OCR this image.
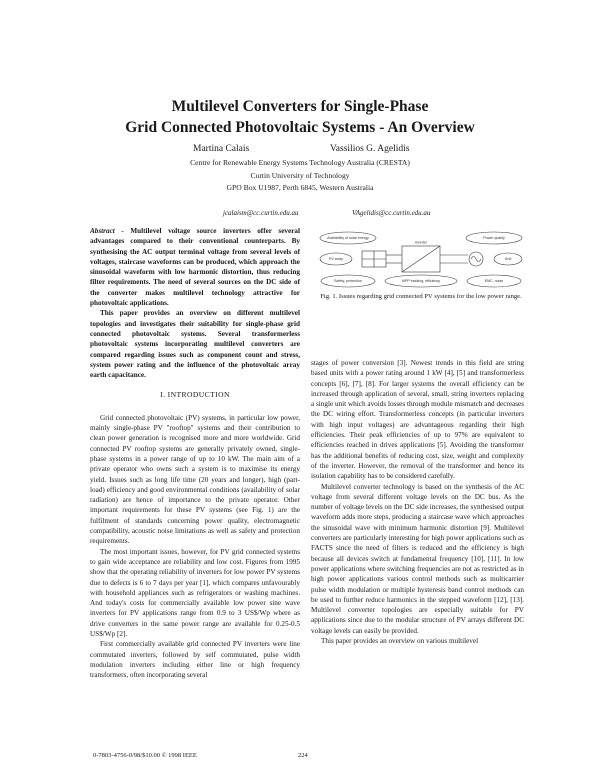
Multilevel Converters for Single-Phase
Grid Connected Photovoltaic Systems - An Overview
Martina Calais	Vassilios G. Agelidis
Centre for Renewable Energy Systems Technology Australia (CRESTA)
Curtin University of Technology
GPO Box U1987, Perth 6845, Western Australia
jcalaism@cc.curtin.edu.au	VAgelidis@cc.curtin.edu.au

Abstract - Multilevel voltage source inverters offer several advantages compared to their conventional counterparts. By synthesising the AC output terminal voltage from several levels of voltages, staircase waveforms can be produced, which approach the sinusoidal waveform with low harmonic distortion, thus reducing filter requirements. The need of several sources on the DC side of the converter makes multilevel technology attractive for photovoltaic applications.

This paper provides an overview on different multilevel topologies and investigates their suitability for single-phase grid connected photovoltaic systems. Several transformerless photovoltaic systems incorporating multilevel converters are compared regarding issues such as component count and stress, system power rating and the influence of the photovoltaic array earth capacitance.

I. INTRODUCTION

Grid connected photovoltaic (PV) systems, in particular low power, mainly single-phase PV "rooftop" systems and their contribution to clean power generation is recognised more and more worldwide. Grid connected PV rooftop systems are generally privately owned, single-phase systems in a power range of up to 10 kW. The main aim of a private operator who owns such a system is to maximise its energy yield. Issues such as long life time (20 years and longer), high (part-load) efficiency and good environmental conditions (availability of solar radiation) are hence of importance to the private operator. Other important requirements for these PV systems (see Fig. 1) are the fulfilment of standards concerning power quality, electromagnetic compatibility, acoustic noise limitations as well as safety and protection requirements.

The most important issues, however, for PV grid connected systems to gain wide acceptance are reliability and low cost. Figures from 1995 show that the operating reliability of inverters for low power PV systems due to defects is 6 to 7 days per year [1], which compares unfavourably with household appliances such as refrigerators or washing machines. And today's costs for commercially available low power sine wave inverters for PV applications range from 0.9 to 3 US$/Wp where as drive converters in the same power range are available for 0.25-0.5 US$/Wp [2].

First commercially available grid connected PV inverters were line commutated inverters, followed by self commutated, pulse width modulation inverters including either line or high frequency transformers, often incorporating several

Availability of solar energy
Inverter
Power quality
PV array	Grid
Safety, protection	MPP tracking, efficiency	EMC, noise
Fig. 1. Issues regarding grid connected PV systems for the low power range.

stages of power conversion [3]. Newest trends in this field are string based units with a power rating around 1 kW [4], [5] and transformerless concepts [6], [7], [8]. For larger systems the overall efficiency can be increased through application of several, small, string inverters replacing a single unit which avoids losses through module mismatch and decreases the DC wiring effort. Transformerless concepts (in particular inverters with high input voltages) are advantageous regarding their high efficiencies. Their peak efficiencies of up to 97% are equivalent to efficiencies reached in drives applications [5]. Avoiding the transformer has the additional benefits of reducing cost, size, weight and complexity of the inverter. However, the removal of the transformer and hence its isolation capability has to be considered carefully.

Multilevel converter technology is based on the synthesis of the AC voltage from several different voltage levels on the DC bus. As the number of voltage levels on the DC side increases, the synthesised output waveform adds more steps, producing a staircase wave which approaches the sinusoidal wave with minimum harmonic distortion [9]. Multilevel converters are particularly interesting for high power applications such as FACTS since the need of filters is reduced and the efficiency is high because all devices switch at fundamental frequency [10], [11]. In low power applications where switching frequencies are not as restricted as in high power applications various control methods such as multicarrier pulse width modulation or multiple hysteresis band control methods can be used to further reduce harmonics in the stepped waveform [12], [13]. Multilevel converter topologies are especially suitable for PV applications since due to the modular structure of PV arrays different DC voltage levels can easily be provided.

This paper provides an overview on various multilevel

0-7803-4756-0/98/$10.00 © 1998 IEEE	224
